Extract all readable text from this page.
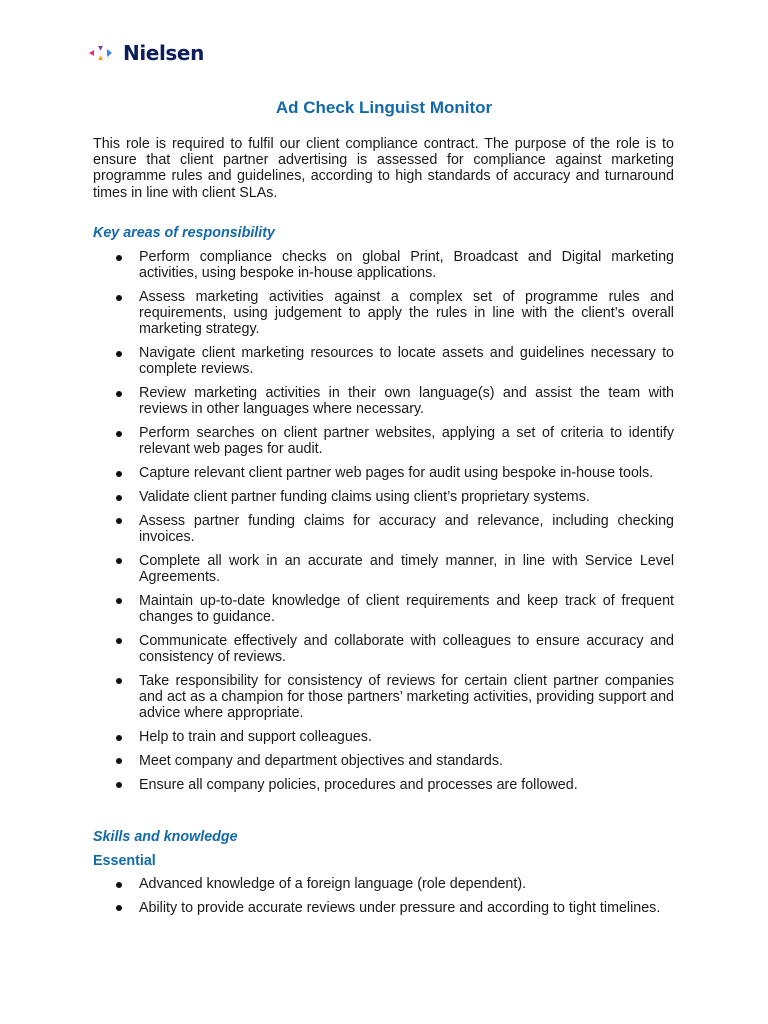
Nielsen
Ad Check Linguist Monitor

This role is required to fulfil our client compliance contract. The purpose of the role is to ensure that client partner advertising is assessed for compliance against marketing programme rules and guidelines, according to high standards of accuracy and turnaround times in line with client SLAs.

Key areas of responsibility

Perform compliance checks on global Print, Broadcast and Digital marketing activities, using bespoke in-house applications.
Assess marketing activities against a complex set of programme rules and requirements, using judgement to apply the rules in line with the client’s overall marketing strategy.
Navigate client marketing resources to locate assets and guidelines necessary to complete reviews.
Review marketing activities in their own language(s) and assist the team with reviews in other languages where necessary.
Perform searches on client partner websites, applying a set of criteria to identify relevant web pages for audit.
Capture relevant client partner web pages for audit using bespoke in-house tools.
Validate client partner funding claims using client’s proprietary systems.
Assess partner funding claims for accuracy and relevance, including checking invoices.
Complete all work in an accurate and timely manner, in line with Service Level Agreements.
Maintain up-to-date knowledge of client requirements and keep track of frequent changes to guidance.
Communicate effectively and collaborate with colleagues to ensure accuracy and consistency of reviews.
Take responsibility for consistency of reviews for certain client partner companies and act as a champion for those partners’ marketing activities, providing support and advice where appropriate.
Help to train and support colleagues.
Meet company and department objectives and standards.
Ensure all company policies, procedures and processes are followed.

Skills and knowledge

Essential

Advanced knowledge of a foreign language (role dependent).
Ability to provide accurate reviews under pressure and according to tight timelines.
